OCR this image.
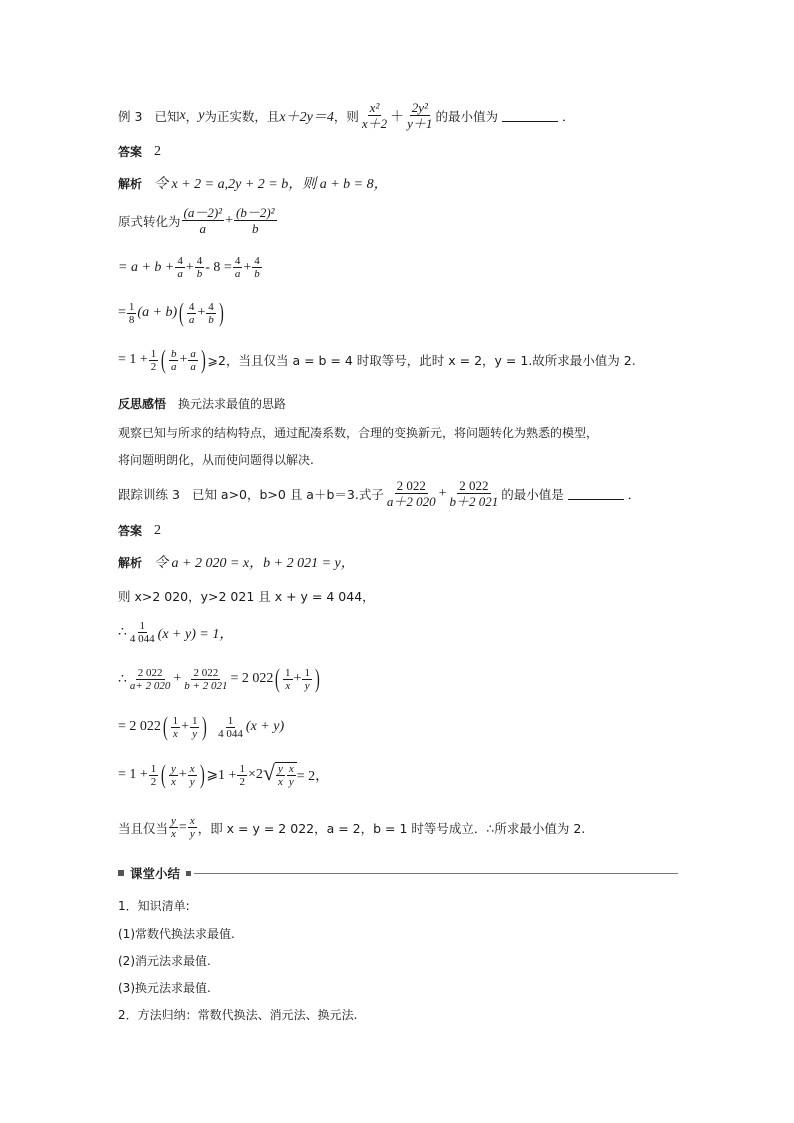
例 3 已知 x ， y 为正实数，且 x＋2y＝4 ，则 $\frac{\text{x²}}{x+2} + \frac{\text{2y²}}{y+1}$ 的最小值为	．
答案 2
解析 令 x + 2 = a,2y + 2 = b，则 a + b = 8，
原式转化为 $\frac{\text{(a－2)²}}{a} + \frac{\text{(b－2)²}}{b}$
= $a + b + \frac{4}{a} + \frac{4}{b} - 8 = \frac{4}{a} + \frac{4}{b}$
= $\frac{1}{8} (a + b)$ ( $\frac{4}{a} + \frac{4}{b}$ )
= $1 + \frac{1}{2}$ ( $\frac{b}{a} + \frac{a}{a}$ ) ⩾2，当且仅当 a = b = 4 时取等号，此时 x = 2，y = 1.故所求最小值为 2.
反思感悟 换元法求最值的思路
观察已知与所求的结构特点，通过配凑系数，合理的变换新元，将问题转化为熟悉的模型，
将问题明朗化，从而使问题得以解决.
跟踪训练 3 已知 a>0，b>0 且 a＋b＝3.式子 $\frac{2 022}{a+2 020} + \frac{2 022}{b+2 021}$ 的最小值是	．
答案 2
解析 令 a + 2 020 = x，b + 2 021 = y，
则 x>2 020，y>2 021 且 x + y = 4 044，
∴ $\frac{1}{4 044} (x + y) = 1$，
∴ $\frac{2 022}{a+ 2 020} + \frac{2 022}{b + 2 021} = 2$ 022 ( $\frac{1}{x} + \frac{1}{y}$ )
= 2 022 ( $\frac{1}{x} + \frac{1}{y}$ ) $\frac{1}{4 044} (x + y)$
= $1 + \frac{1}{2}$ ( $\frac{y}{x} + \frac{x}{y}$ ) ⩾1 + $\frac{1}{2} \times 2$ √ $\frac{y}{x} \frac{x}{y} = 2$，
当且仅当 $\frac{y}{x} = \frac{x}{y}$ ，即 x = y = 2 022，a = 2，b = 1 时等号成立．∴所求最小值为 2.
课堂小结
1．知识清单:
(1)常数代换法求最值.
(2)消元法求最值.
(3)换元法求最值.
2．方法归纳：常数代换法、消元法、换元法.
